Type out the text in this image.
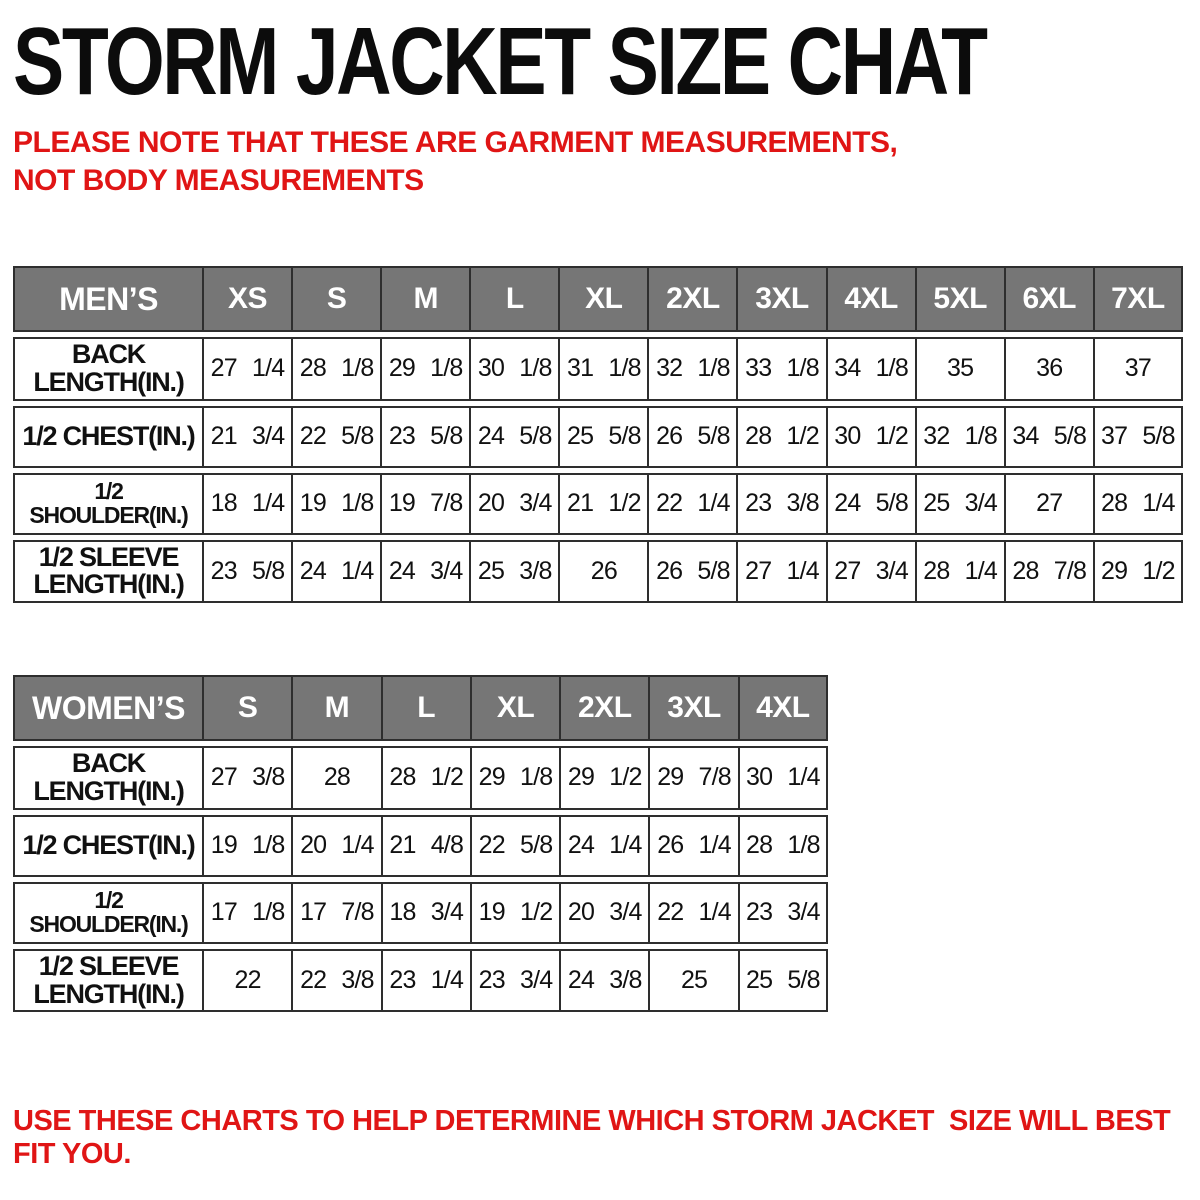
STORM JACKET SIZE CHAT

PLEASE NOTE THAT THESE ARE GARMENT MEASUREMENTS, NOT BODY MEASUREMENTS

MEN’S	XS	S	M	L	XL	2XL	3XL	4XL	5XL	6XL	7XL
BACK LENGTH(IN.)	27 1/4	28 1/8	29 1/8	30 1/8	31 1/8	32 1/8	33 1/8	34 1/8	35	36	37
1/2 CHEST(IN.)	21 3/4	22 5/8	23 5/8	24 5/8	25 5/8	26 5/8	28 1/2	30 1/2	32 1/8	34 5/8	37 5/8
1/2 SHOULDER(IN.)	18 1/4	19 1/8	19 7/8	20 3/4	21 1/2	22 1/4	23 3/8	24 5/8	25 3/4	27	28 1/4
1/2 SLEEVE LENGTH(IN.)	23 5/8	24 1/4	24 3/4	25 3/8	26	26 5/8	27 1/4	27 3/4	28 1/4	28 7/8	29 1/2
WOMEN’S	S	M	L	XL	2XL	3XL	4XL
BACK LENGTH(IN.)	27 3/8	28	28 1/2	29 1/8	29 1/2	29 7/8	30 1/4
1/2 CHEST(IN.)	19 1/8	20 1/4	21 4/8	22 5/8	24 1/4	26 1/4	28 1/8
1/2 SHOULDER(IN.)	17 1/8	17 7/8	18 3/4	19 1/2	20 3/4	22 1/4	23 3/4
1/2 SLEEVE LENGTH(IN.)	22	22 3/8	23 1/4	23 3/4	24 3/8	25	25 5/8

USE THESE CHARTS TO HELP DETERMINE WHICH STORM JACKET  SIZE WILL BEST FIT YOU.
